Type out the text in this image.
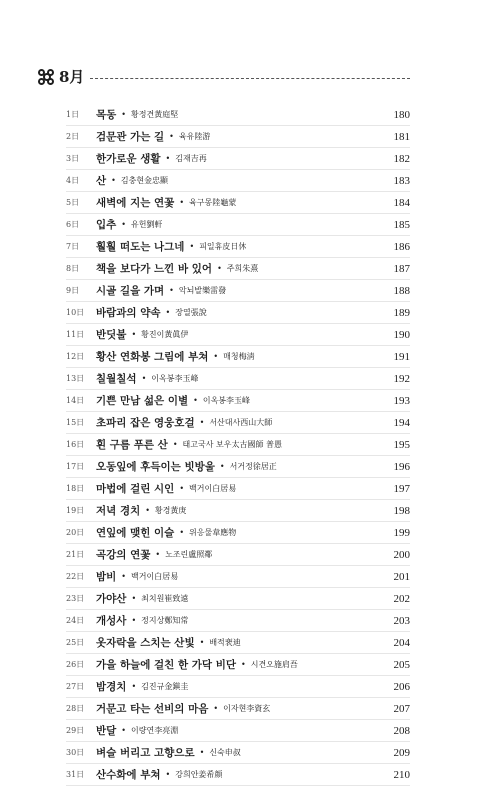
8月
1日	목동 • 황정견黃庭堅	180
2日	검문관 가는 길 • 육유陸游	181
3日	한가로운 생활 • 김재吉再	182
4日	산 • 김충현金忠顯	183
5日	새벽에 지는 연꽃 • 육구몽陸龜蒙	184
6日	입추 • 유헌劉軒	185
7日	훨훨 떠도는 나그네 • 피일휴皮日休	186
8日	책을 보다가 느낀 바 있어 • 주희朱熹	187
9日	시골 길을 가며 • 악뇌발樂雷發	188
10日	바람과의 약속 • 장열張說	189
11日	반딧불 • 황진이黃眞伊	190
12日	황산 연화봉 그림에 부쳐 • 매청梅淸	191
13日	칠월칠석 • 이옥봉李玉峰	192
14日	기쁜 만남 섧은 이별 • 이옥봉李玉峰	193
15日	초파리 잡은 영웅호걸 • 서산대사西山大師	194
16日	흰 구름 푸른 산 • 태고국사 보우太古國師 普愚	195
17日	오동잎에 후득이는 빗방울 • 서거정徐居正	196
18日	마법에 걸린 시인 • 백거이白居易	197
19日	저녁 경치 • 황경黃庚	198
20日	연잎에 맺힌 이슬 • 위응물韋應物	199
21日	곡강의 연꽃 • 노조린盧照鄰	200
22日	밤비 • 백거이白居易	201
23日	가야산 • 최치원崔致遠	202
24日	개성사 • 정지상鄭知常	203
25日	옷자락을 스치는 산빛 • 배적裵迪	204
26日	가을 하늘에 걸친 한 가닥 비단 • 시견오施肩吾	205
27日	밤경치 • 김진규金鎭圭	206
28日	거문고 타는 선비의 마음 • 이자현李資玄	207
29日	반달 • 이량연李亮淵	208
30日	벼슬 버리고 고향으로 • 신숙申叔	209
31日	산수화에 부쳐 • 강희안姜希顔	210
